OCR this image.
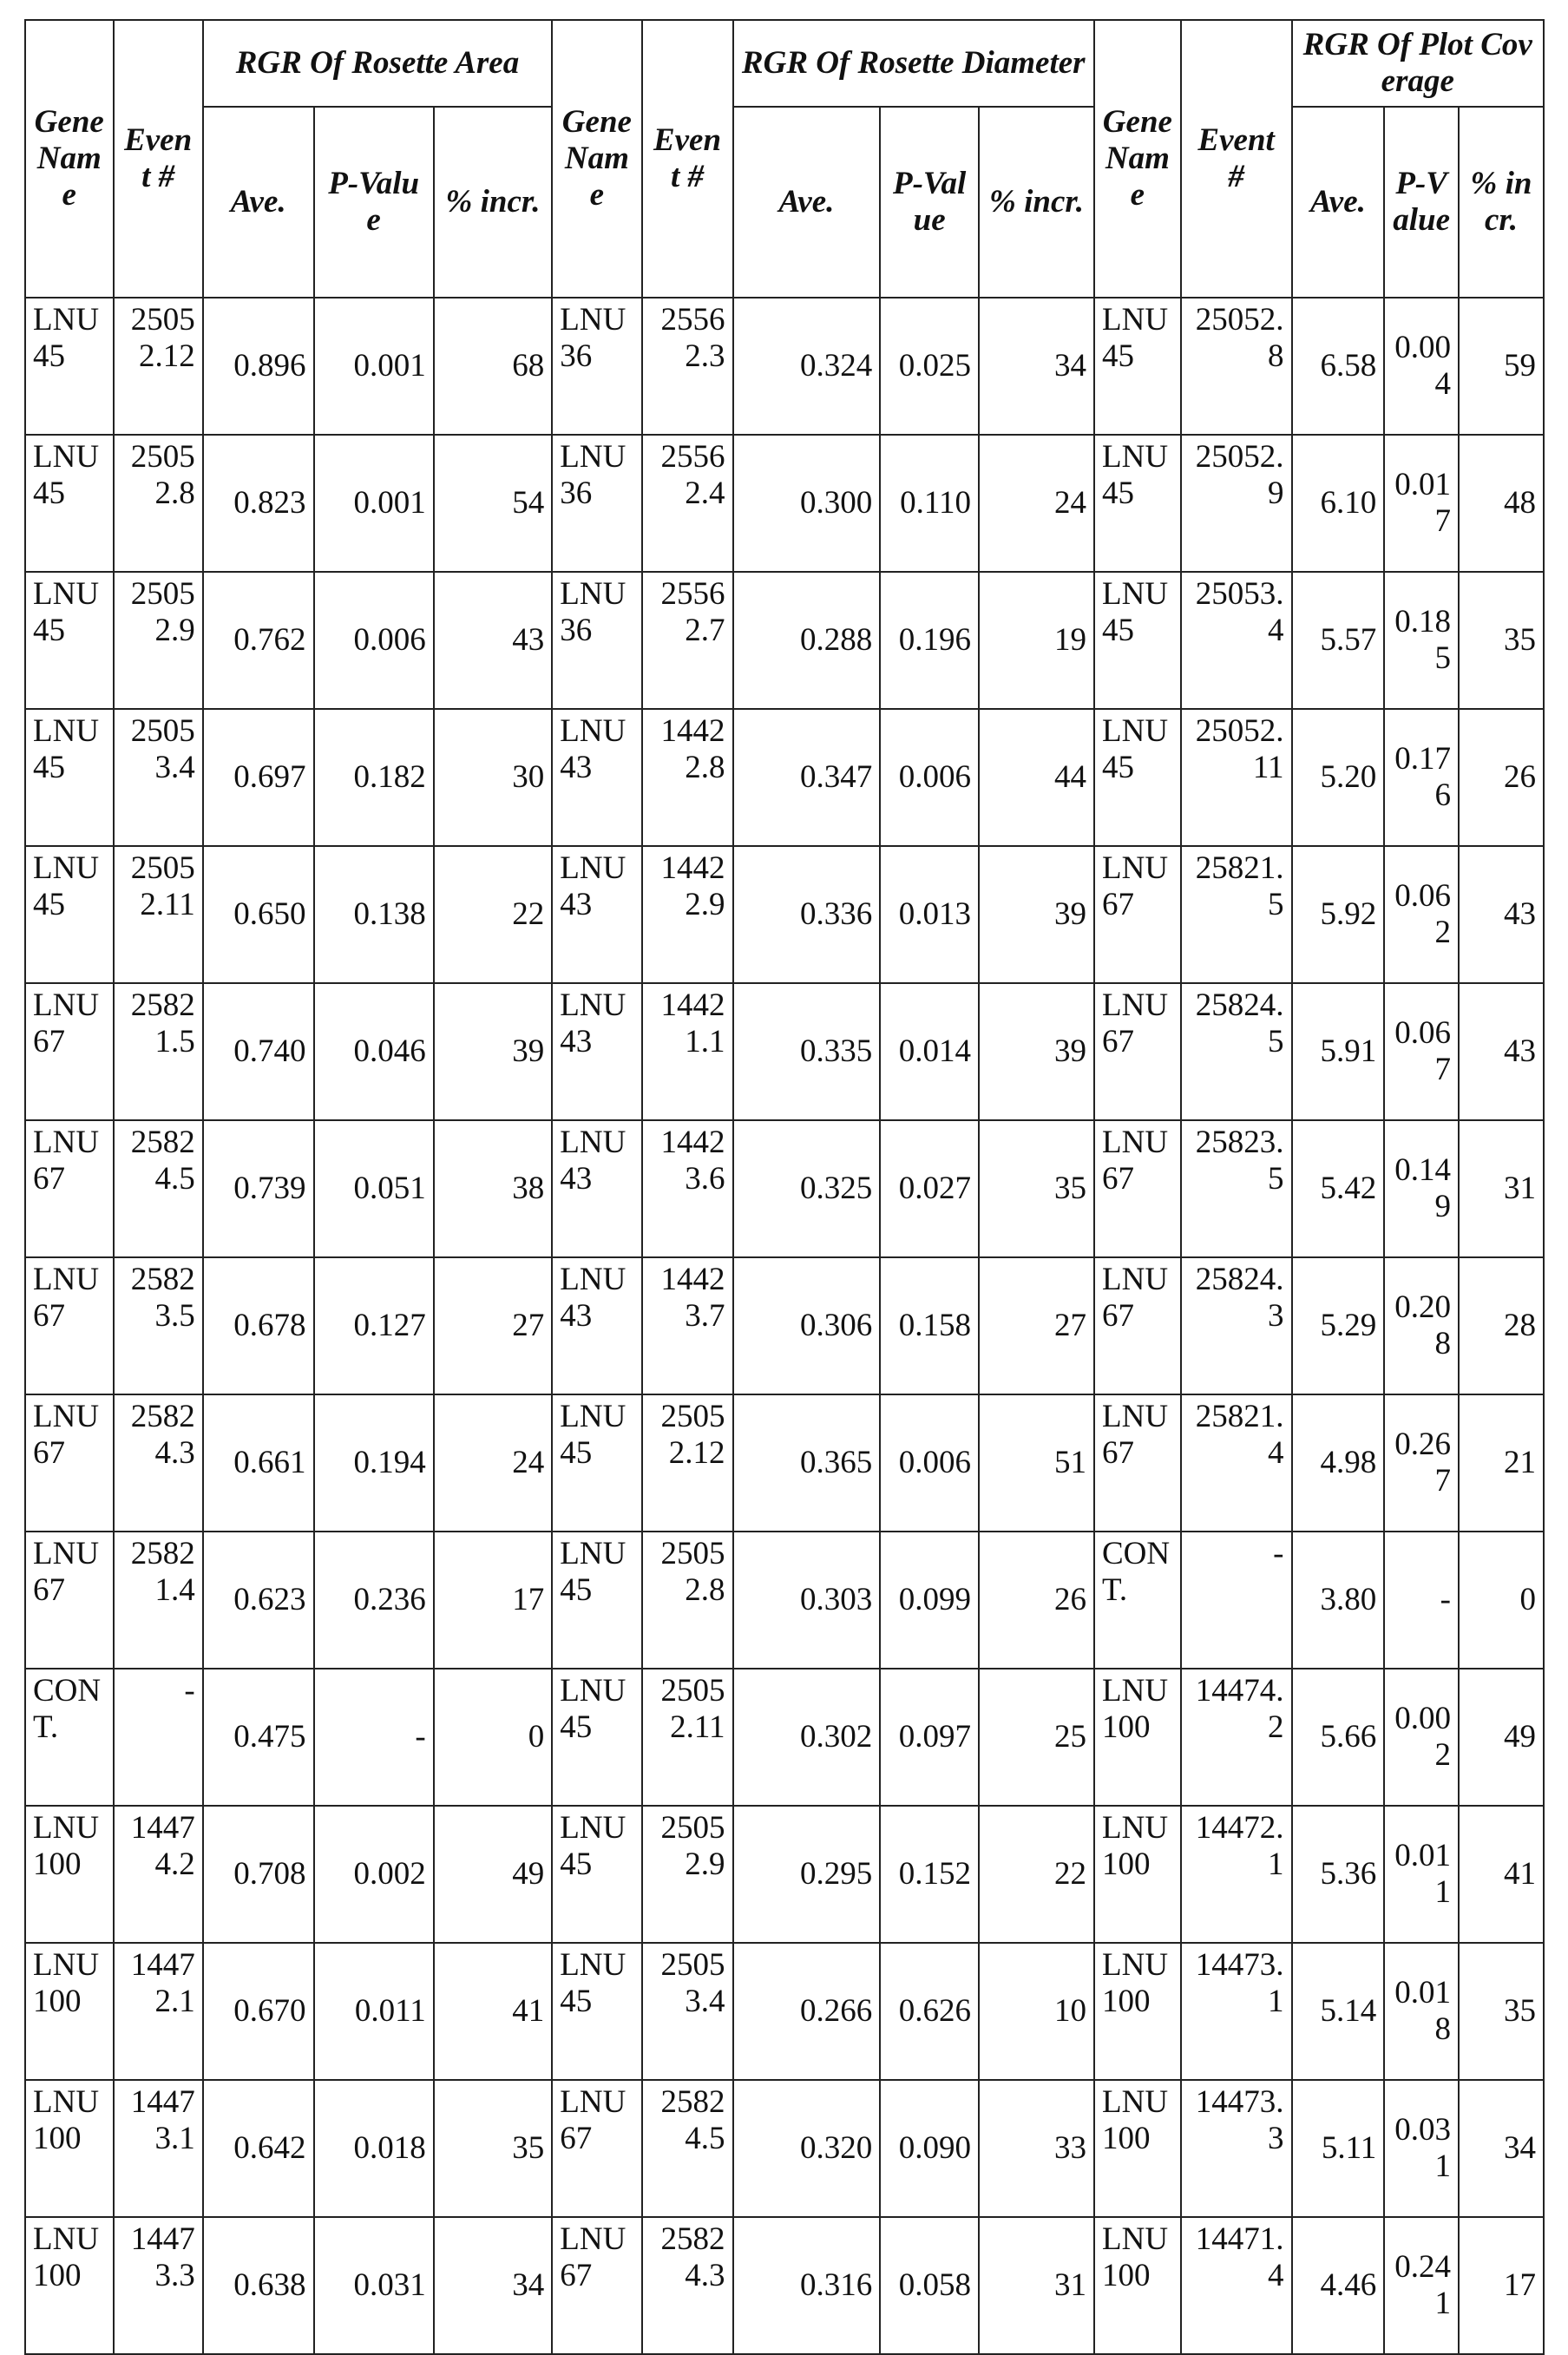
Gene Name	Event #	RGR Of Rosette Area	Gene Name	Event #	RGR Of Rosette Diameter	Gene Name	Event #	RGR Of Plot Coverage
Ave.	P-Value	% incr.	Ave.	P-Value	% incr.	Ave.	P-Value	% incr.
LNU45	25052.12	0.896	0.001	68	LNU36	25562.3	0.324	0.025	34	LNU45	25052.8	6.58	0.004	59
LNU45	25052.8	0.823	0.001	54	LNU36	25562.4	0.300	0.110	24	LNU45	25052.9	6.10	0.017	48
LNU45	25052.9	0.762	0.006	43	LNU36	25562.7	0.288	0.196	19	LNU45	25053.4	5.57	0.185	35
LNU45	25053.4	0.697	0.182	30	LNU43	14422.8	0.347	0.006	44	LNU45	25052.11	5.20	0.176	26
LNU45	25052.11	0.650	0.138	22	LNU43	14422.9	0.336	0.013	39	LNU67	25821.5	5.92	0.062	43
LNU67	25821.5	0.740	0.046	39	LNU43	14421.1	0.335	0.014	39	LNU67	25824.5	5.91	0.067	43
LNU67	25824.5	0.739	0.051	38	LNU43	14423.6	0.325	0.027	35	LNU67	25823.5	5.42	0.149	31
LNU67	25823.5	0.678	0.127	27	LNU43	14423.7	0.306	0.158	27	LNU67	25824.3	5.29	0.208	28
LNU67	25824.3	0.661	0.194	24	LNU45	25052.12	0.365	0.006	51	LNU67	25821.4	4.98	0.267	21
LNU67	25821.4	0.623	0.236	17	LNU45	25052.8	0.303	0.099	26	CONT.	-	3.80	-	0
CONT.	-	0.475	-	0	LNU45	25052.11	0.302	0.097	25	LNU100	14474.2	5.66	0.002	49
LNU100	14474.2	0.708	0.002	49	LNU45	25052.9	0.295	0.152	22	LNU100	14472.1	5.36	0.011	41
LNU100	14472.1	0.670	0.011	41	LNU45	25053.4	0.266	0.626	10	LNU100	14473.1	5.14	0.018	35
LNU100	14473.1	0.642	0.018	35	LNU67	25824.5	0.320	0.090	33	LNU100	14473.3	5.11	0.031	34
LNU100	14473.3	0.638	0.031	34	LNU67	25824.3	0.316	0.058	31	LNU100	14471.4	4.46	0.241	17
